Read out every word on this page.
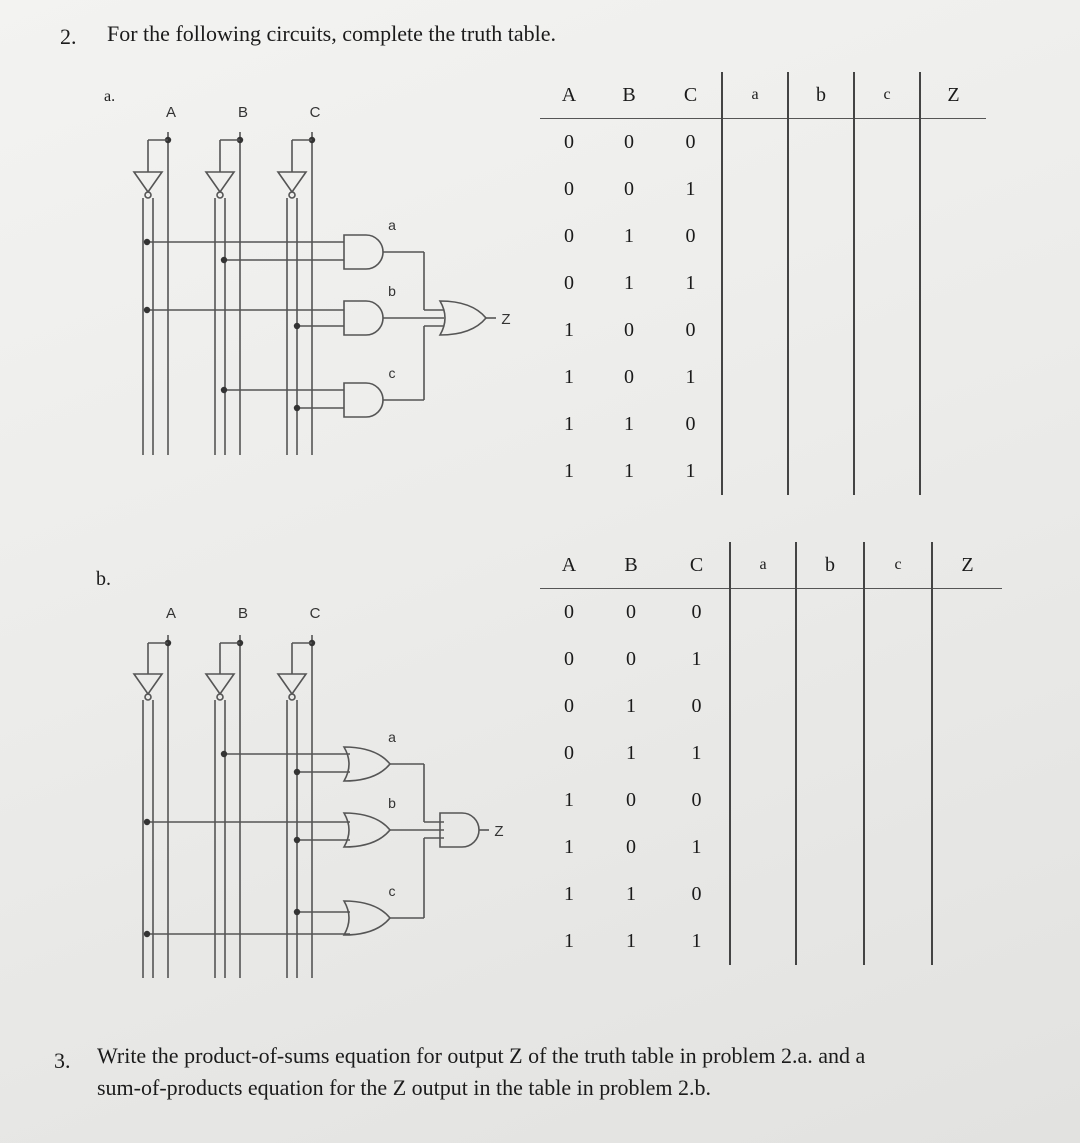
2. For the following circuits, complete the truth table.
a.
b.
A	B	C
a
b
c
Z
A	B	C
a
b
c
Z
A	B	C	a	b	c	Z
0	0	0				
0	0	1				
0	1	0				
0	1	1				
1	0	0				
1	0	1				
1	1	0				
1	1	1				
A	B	C	a	b	c	Z
0	0	0				
0	0	1				
0	1	0				
0	1	1				
1	0	0				
1	0	1				
1	1	0				
1	1	1				
3. Write the product-of-sums equation for output Z of the truth table in problem 2.a. and a
sum-of-products equation for the Z output in the table in problem 2.b.
